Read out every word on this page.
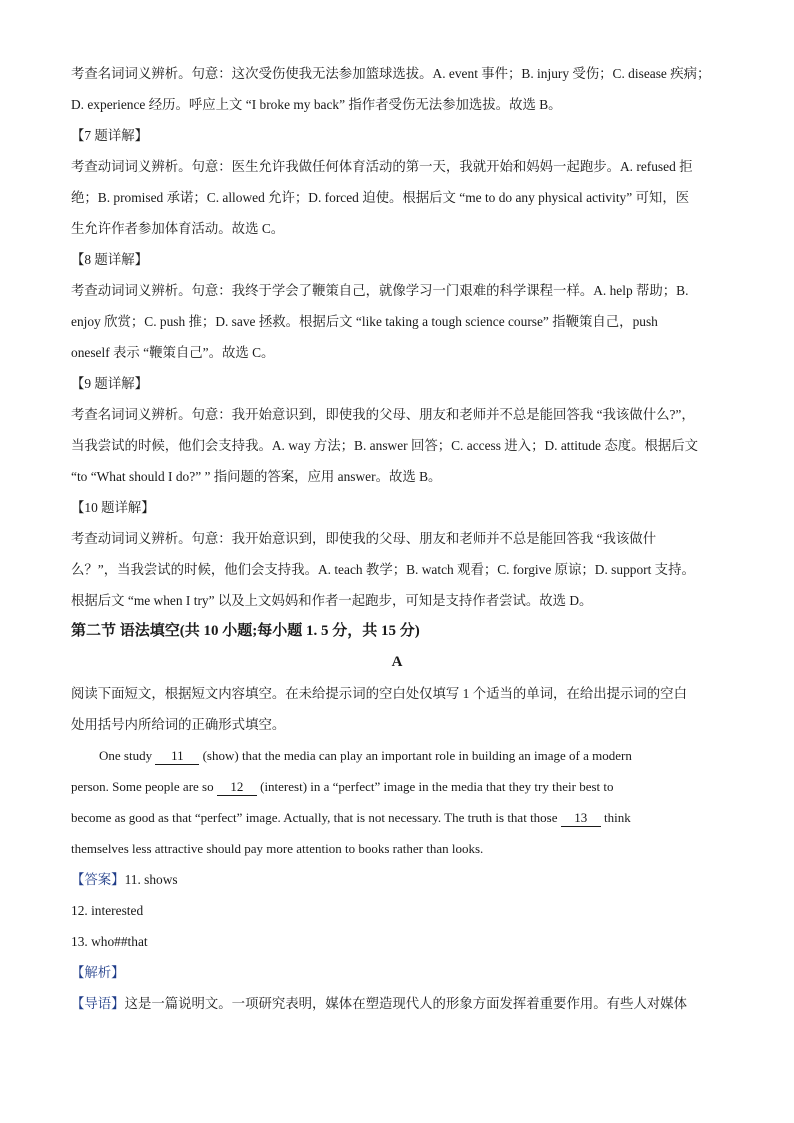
考查名词词义辨析。句意：这次受伤使我无法参加篮球选拔。A. event 事件；B. injury 受伤；C. disease 疾病；

D. experience 经历。呼应上文 “I broke my back” 指作者受伤无法参加选拔。故选 B。

【7 题详解】

考查动词词义辨析。句意：医生允许我做任何体育活动的第一天，我就开始和妈妈一起跑步。A. refused 拒

绝；B. promised 承诺；C. allowed 允许；D. forced 迫使。根据后文 “me to do any physical activity” 可知，医

生允许作者参加体育活动。故选 C。

【8 题详解】

考查动词词义辨析。句意：我终于学会了鞭策自己，就像学习一门艰难的科学课程一样。A. help 帮助；B.

enjoy 欣赏；C. push 推；D. save 拯救。根据后文 “like taking a tough science course” 指鞭策自己，push

oneself 表示 “鞭策自己”。故选 C。

【9 题详解】

考查名词词义辨析。句意：我开始意识到，即使我的父母、朋友和老师并不总是能回答我 “我该做什么?”，

当我尝试的时候，他们会支持我。A. way 方法；B. answer 回答；C. access 进入；D. attitude 态度。根据后文

“to “What should I do?” ” 指问题的答案，应用 answer。故选 B。

【10 题详解】

考查动词词义辨析。句意：我开始意识到，即使我的父母、朋友和老师并不总是能回答我 “我该做什

么？”，当我尝试的时候，他们会支持我。A. teach 教学；B. watch 观看；C. forgive 原谅；D. support 支持。

根据后文 “me when I try” 以及上文妈妈和作者一起跑步，可知是支持作者尝试。故选 D。

第二节 语法填空(共 10 小题;每小题 1. 5 分，共 15 分)

A

阅读下面短文，根据短文内容填空。在未给提示词的空白处仅填写 1 个适当的单词，在给出提示词的空白

处用括号内所给词的正确形式填空。

One study 11 (show) that the media can play an important role in building an image of a modern

person. Some people are so 12 (interest) in a “perfect” image in the media that they try their best to

become as good as that “perfect” image. Actually, that is not necessary. The truth is that those 13 think

themselves less attractive should pay more attention to books rather than looks.

【答案】11. shows

12. interested

13. who##that

【解析】

【导语】这是一篇说明文。一项研究表明，媒体在塑造现代人的形象方面发挥着重要作用。有些人对媒体
